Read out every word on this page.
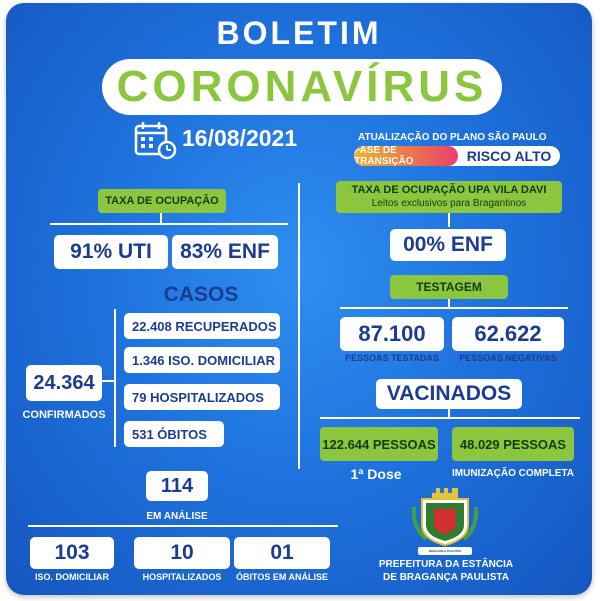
BOLETIM
CORONAVÍRUS
16/08/2021	ATUALIZAÇÃO DO PLANO SÃO PAULO
FASE DE TRANSIÇÃO	RISCO ALTO
TAXA DE OCUPAÇÃO
91% UTI	83% ENF
TAXA DE OCUPAÇÃO UPA VILA DAVI
Leitos exclusivos para Bragantinos
00% ENF
CASOS
24.364
CONFIRMADOS
22.408 RECUPERADOS
1.346 ISO. DOMICILIAR
79 HOSPITALIZADOS
531 ÓBITOS
TESTAGEM
87.100	62.622
PESSOAS TESTADAS	PESSOAS NEGATIVAS
VACINADOS
122.644 PESSOAS	48.029 PESSOAS
1ª Dose	IMUNIZAÇÃO COMPLETA
114
EM ANÁLISE
103	10	01
ISO. DOMICILIAR	HOSPITALIZADOS	ÓBITOS EM ANÁLISE
BRAGANÇA PAULISTA
PREFEITURA DA ESTÂNCIA
DE BRAGANÇA PAULISTA
